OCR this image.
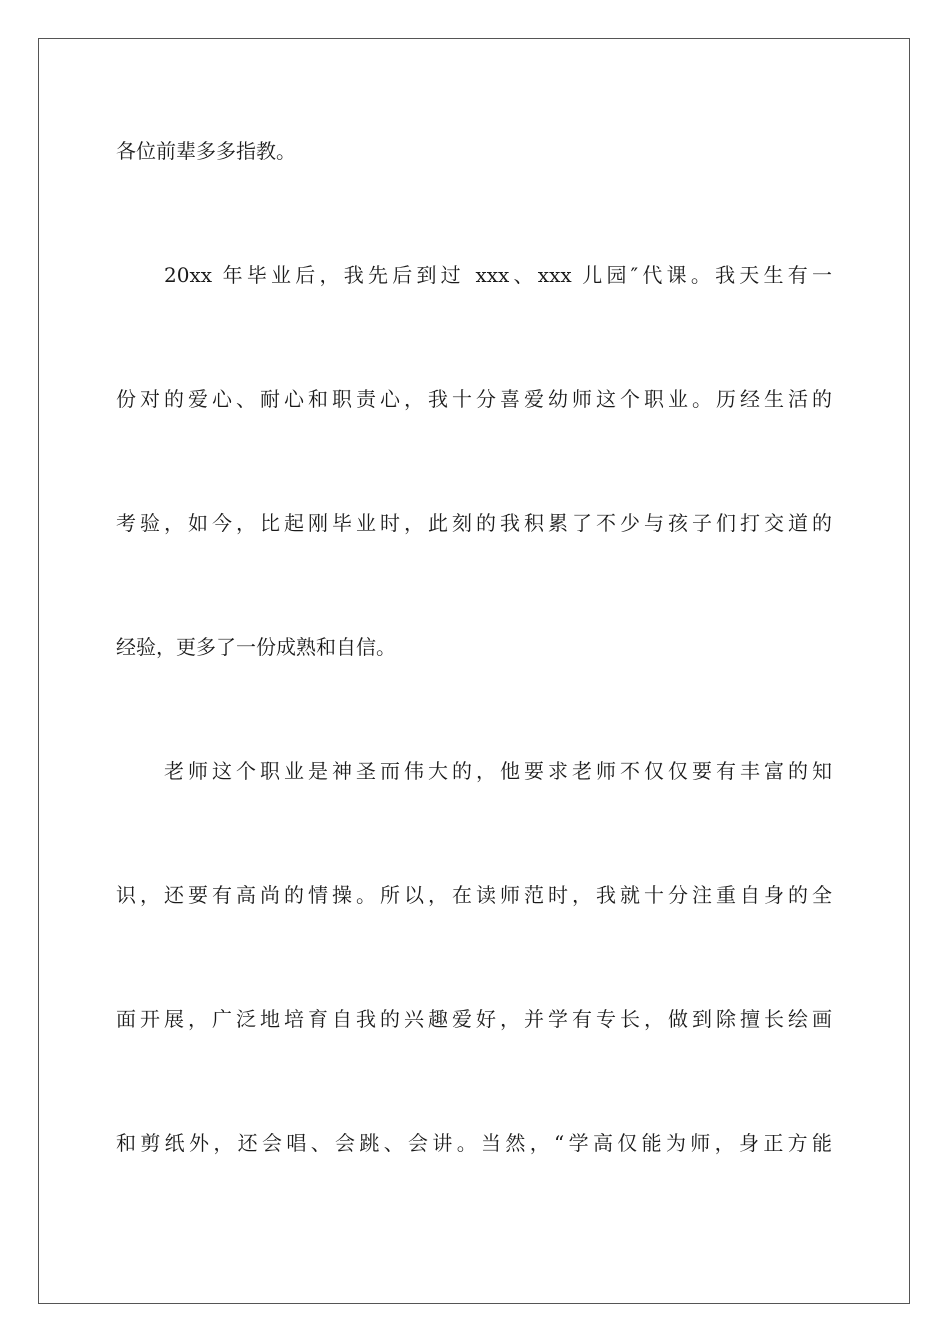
各位前辈多多指教。
20xx 年毕业后，我先后到过 xxx、xxx 儿园″代课。我天生有一
份对的爱心、耐心和职责心，我十分喜爱幼师这个职业。历经生活的
考验，如今，比起刚毕业时，此刻的我积累了不少与孩子们打交道的
经验，更多了一份成熟和自信。
老师这个职业是神圣而伟大的，他要求老师不仅仅要有丰富的知
识，还要有高尚的情操。所以，在读师范时，我就十分注重自身的全
面开展，广泛地培育自我的兴趣爱好，并学有专长，做到除擅长绘画
和剪纸外，还会唱、会跳、会讲。当然，“学高仅能为师，身正方能
